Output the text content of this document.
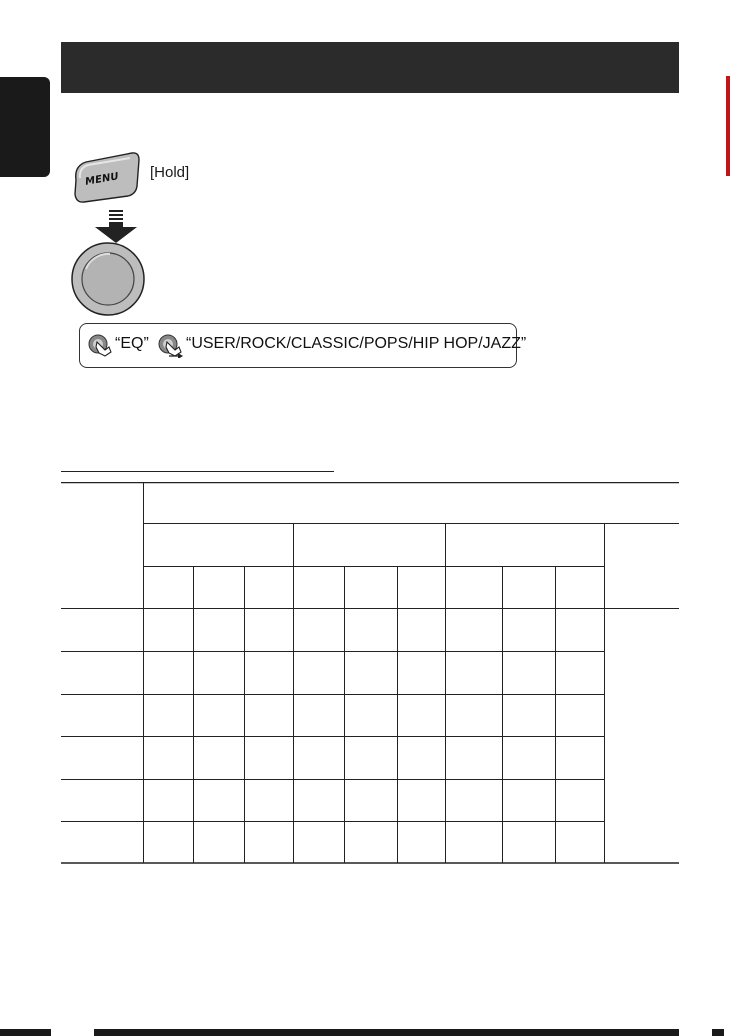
MENU [Hold]
“EQ” “USER/ROCK/CLASSIC/POPS/HIP HOP/JAZZ”
